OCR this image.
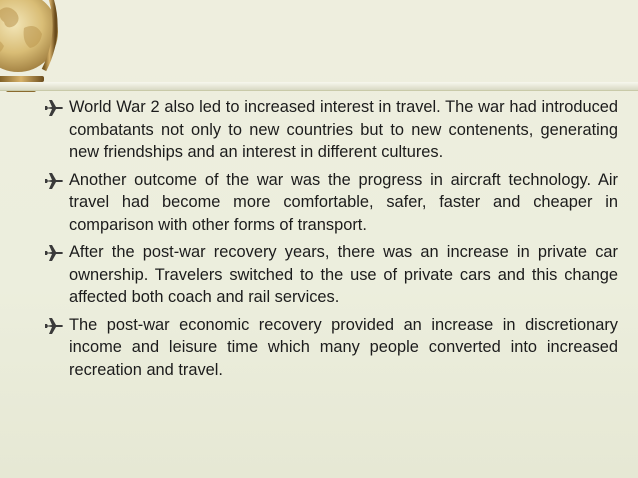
World War 2 also led to increased interest in travel. The war had introduced combatants not only to new countries but to new contenents, generating new friendships and an interest in different cultures.
Another outcome of the war was the progress in aircraft technology. Air travel had become more comfortable, safer, faster and cheaper in comparison with other forms of transport.
After the post-war recovery years, there was an increase in private car ownership. Travelers switched to the use of private cars and this change affected both coach and rail services.
The post-war economic recovery provided an increase in discretionary income and leisure time which many people converted into increased recreation and travel.
